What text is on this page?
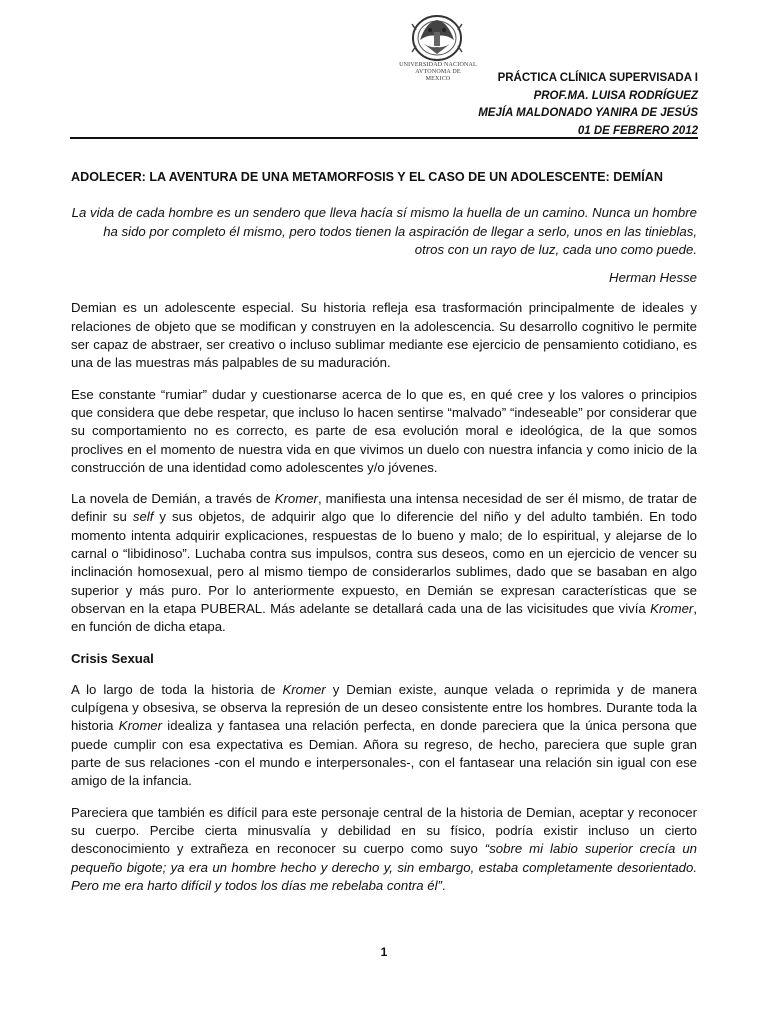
UNIVERSIDAD NACIONAL
AVTONOMA DE
MEXICO	PRÁCTICA CLÍNICA SUPERVISADA I
PROF.MA. LUISA RODRÍGUEZ
MEJÍA MALDONADO YANIRA DE JESÚS
01 DE FEBRERO 2012
ADOLECER: LA AVENTURA DE UNA METAMORFOSIS Y EL CASO DE UN ADOLESCENTE: DEMÍAN
La vida de cada hombre es un sendero que lleva hacía sí mismo la huella de un camino. Nunca un hombre ha sido por completo él mismo, pero todos tienen la aspiración de llegar a serlo, unos en las tinieblas, otros con un rayo de luz, cada uno como puede.
Herman Hesse

Demian es un adolescente especial. Su historia refleja esa trasformación principalmente de ideales y relaciones de objeto que se modifican y construyen en la adolescencia. Su desarrollo cognitivo le permite ser capaz de abstraer, ser creativo o incluso sublimar mediante ese ejercicio de pensamiento cotidiano, es una de las muestras más palpables de su maduración.

Ese constante “rumiar” dudar y cuestionarse acerca de lo que es, en qué cree y los valores o principios que considera que debe respetar, que incluso lo hacen sentirse “malvado” “indeseable” por considerar que su comportamiento no es correcto, es parte de esa evolución moral e ideológica, de la que somos proclives en el momento de nuestra vida en que vivimos un duelo con nuestra infancia y como inicio de la construcción de una identidad como adolescentes y/o jóvenes.

La novela de Demián, a través de Kromer, manifiesta una intensa necesidad de ser él mismo, de tratar de definir su self y sus objetos, de adquirir algo que lo diferencie del niño y del adulto también. En todo momento intenta adquirir explicaciones, respuestas de lo bueno y malo; de lo espiritual, y alejarse de lo carnal o “libidinoso”. Luchaba contra sus impulsos, contra sus deseos, como en un ejercicio de vencer su inclinación homosexual, pero al mismo tiempo de considerarlos sublimes, dado que se basaban en algo superior y más puro. Por lo anteriormente expuesto, en Demián se expresan características que se observan en la etapa PUBERAL. Más adelante se detallará cada una de las vicisitudes que vivía Kromer, en función de dicha etapa.

Crisis Sexual

A lo largo de toda la historia de Kromer y Demian existe, aunque velada o reprimida y de manera culpígena y obsesiva, se observa la represión de un deseo consistente entre los hombres. Durante toda la historia Kromer idealiza y fantasea una relación perfecta, en donde pareciera que la única persona que puede cumplir con esa expectativa es Demian. Añora su regreso, de hecho, pareciera que suple gran parte de sus relaciones -con el mundo e interpersonales-, con el fantasear una relación sin igual con ese amigo de la infancia.

Pareciera que también es difícil para este personaje central de la historia de Demian, aceptar y reconocer su cuerpo. Percibe cierta minusvalía y debilidad en su físico, podría existir incluso un cierto desconocimiento y extrañeza en reconocer su cuerpo como suyo “sobre mi labio superior crecía un pequeño bigote; ya era un hombre hecho y derecho y, sin embargo, estaba completamente desorientado. Pero me era harto difícil y todos los días me rebelaba contra él”.

1
